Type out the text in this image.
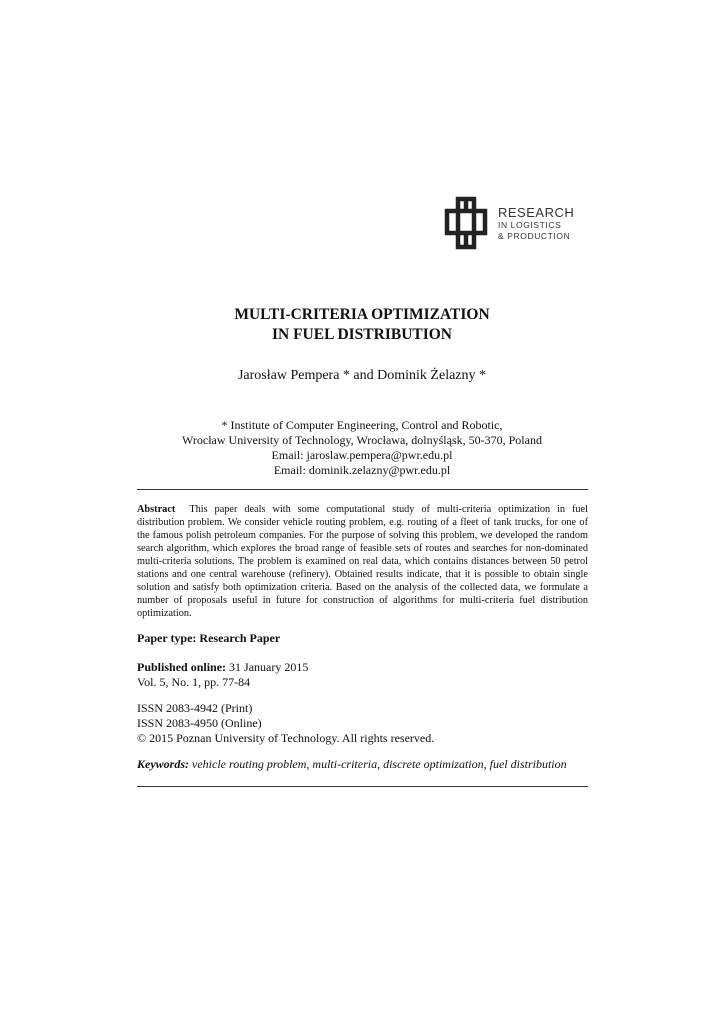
RESEARCH
IN LOGISTICS
& PRODUCTION
MULTI-CRITERIA OPTIMIZATION
IN FUEL DISTRIBUTION
Jarosław Pempera * and Dominik Żelazny *
* Institute of Computer Engineering, Control and Robotic,
Wrocław University of Technology, Wrocława, dolnyśląsk, 50-370, Poland
Email: jaroslaw.pempera@pwr.edu.pl
Email: dominik.zelazny@pwr.edu.pl
Abstract This paper deals with some computational study of multi-criteria optimization in fuel distribution problem. We consider vehicle routing problem, e.g. routing of a fleet of tank trucks, for one of the famous polish petroleum companies. For the purpose of solving this problem, we developed the random search algorithm, which explores the broad range of feasible sets of routes and searches for non-dominated multi-criteria solutions. The problem is examined on real data, which contains distances between 50 petrol stations and one central warehouse (refinery). Obtained results indicate, that it is possible to obtain single solution and satisfy both optimization criteria. Based on the analysis of the collected data, we formulate a number of proposals useful in future for construction of algorithms for multi-criteria fuel distribution optimization.
Paper type: Research Paper
Published online: 31 January 2015
Vol. 5, No. 1, pp. 77-84
ISSN 2083-4942 (Print)
ISSN 2083-4950 (Online)
© 2015 Poznan University of Technology. All rights reserved.
Keywords: vehicle routing problem, multi-criteria, discrete optimization, fuel distribution
